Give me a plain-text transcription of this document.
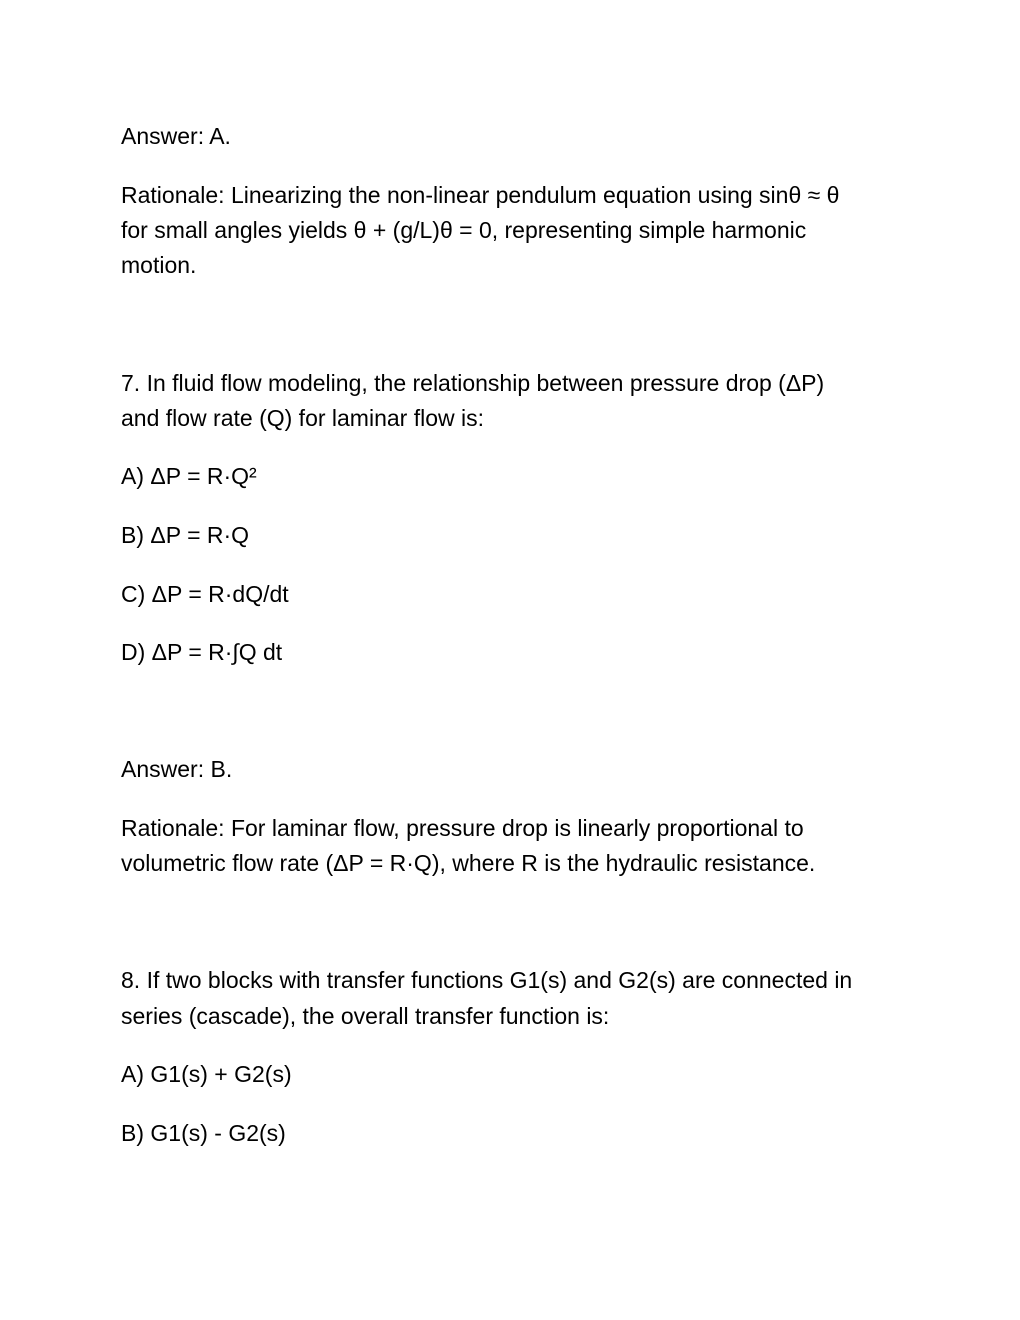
Answer: A.
Rationale: Linearizing the non-linear pendulum equation using sinθ ≈ θ
for small angles yields θ + (g/L)θ = 0, representing simple harmonic
motion.
7. In fluid flow modeling, the relationship between pressure drop (ΔP)
and flow rate (Q) for laminar flow is:
A) ΔP = R·Q²
B) ΔP = R·Q
C) ΔP = R·dQ/dt
D) ΔP = R·∫Q dt
Answer: B.
Rationale: For laminar flow, pressure drop is linearly proportional to
volumetric flow rate (ΔP = R·Q), where R is the hydraulic resistance.
8. If two blocks with transfer functions G1(s) and G2(s) are connected in
series (cascade), the overall transfer function is:
A) G1(s) + G2(s)
B) G1(s) - G2(s)
